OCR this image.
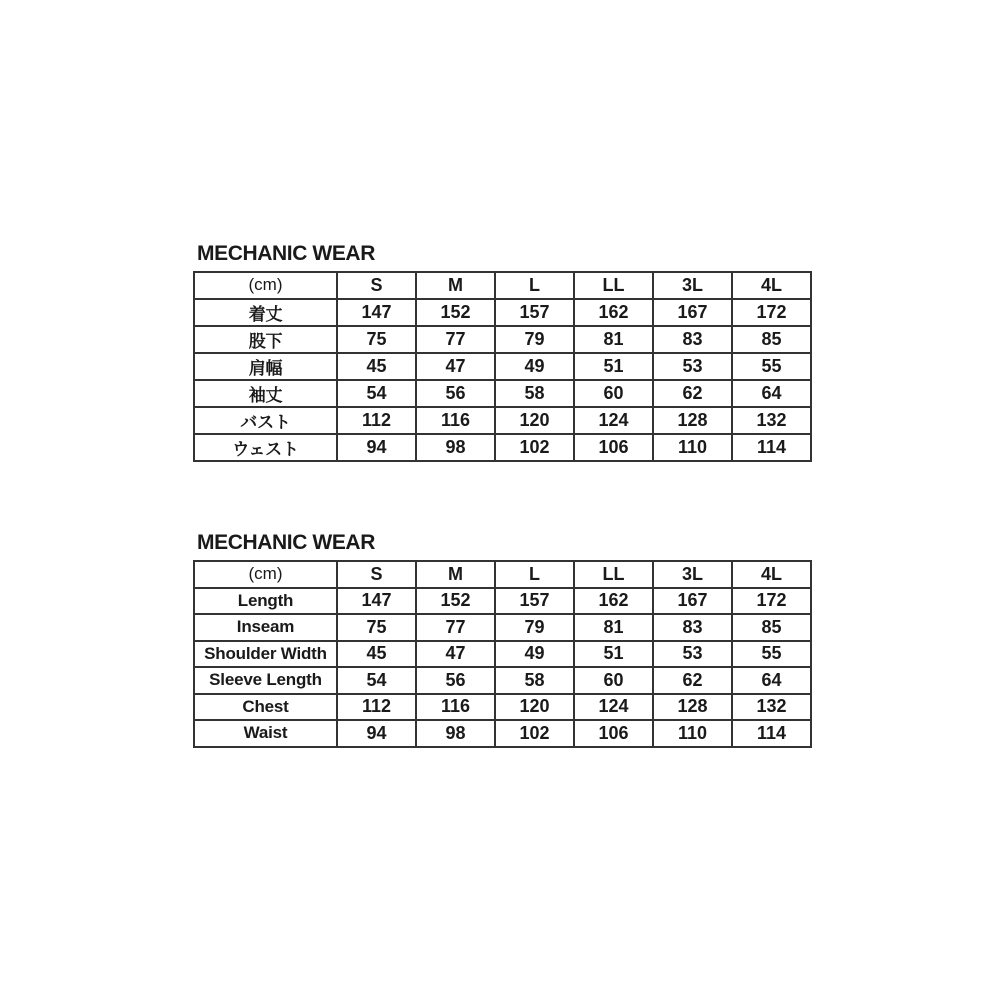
MECHANIC WEAR
(cm)	S	M	L	LL	3L	4L
着丈	147	152	157	162	167	172
股下	75	77	79	81	83	85
肩幅	45	47	49	51	53	55
袖丈	54	56	58	60	62	64
バスト	112	116	120	124	128	132
ウェスト	94	98	102	106	110	114
MECHANIC WEAR
(cm)	S	M	L	LL	3L	4L
Length	147	152	157	162	167	172
Inseam	75	77	79	81	83	85
Shoulder Width	45	47	49	51	53	55
Sleeve Length	54	56	58	60	62	64
Chest	112	116	120	124	128	132
Waist	94	98	102	106	110	114
